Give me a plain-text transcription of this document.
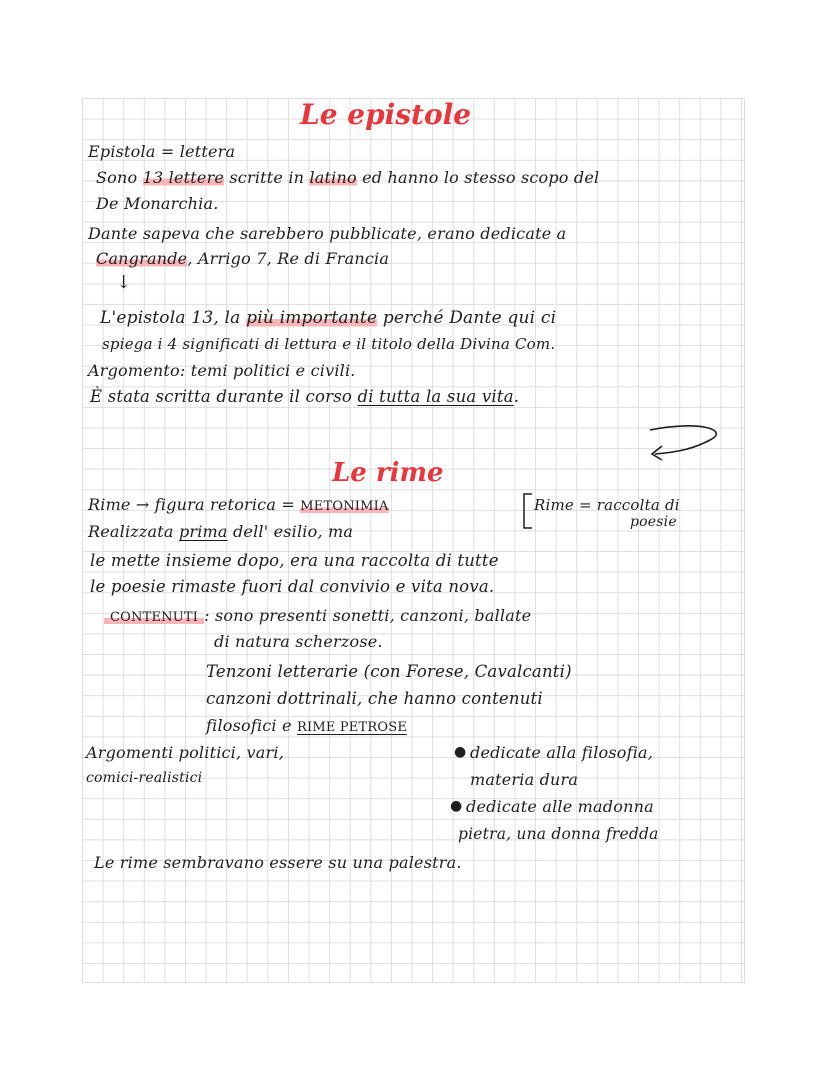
Le epistole
Epistola = lettera
Sono 13 lettere scritte in latino ed hanno lo stesso scopo del
De Monarchia.
Dante sapeva che sarebbero pubblicate, erano dedicate a
Cangrande, Arrigo 7, Re di Francia
↓
L'epistola 13, la più importante perché Dante qui ci
spiega i 4 significati di lettura e il titolo della Divina Com.
Argomento: temi politici e civili.
È stata scritta durante il corso di tutta la sua vita.
Le rime
Rime → figura retorica = METONIMIA	Rime = raccolta di
poesie
Realizzata prima dell' esilio, ma
le mette insieme dopo, era una raccolta di tutte
le poesie rimaste fuori dal convivio e vita nova.
CONTENUTI : sono presenti sonetti, canzoni, ballate
di natura scherzose.
Tenzoni letterarie (con Forese, Cavalcanti)
canzoni dottrinali, che hanno contenuti
filosofici e RIME PETROSE
Argomenti politici, vari,
comici-realistici
● dedicate alla filosofia,
materia dura
● dedicate alle madonna
pietra, una donna fredda
Le rime sembravano essere su una palestra.
